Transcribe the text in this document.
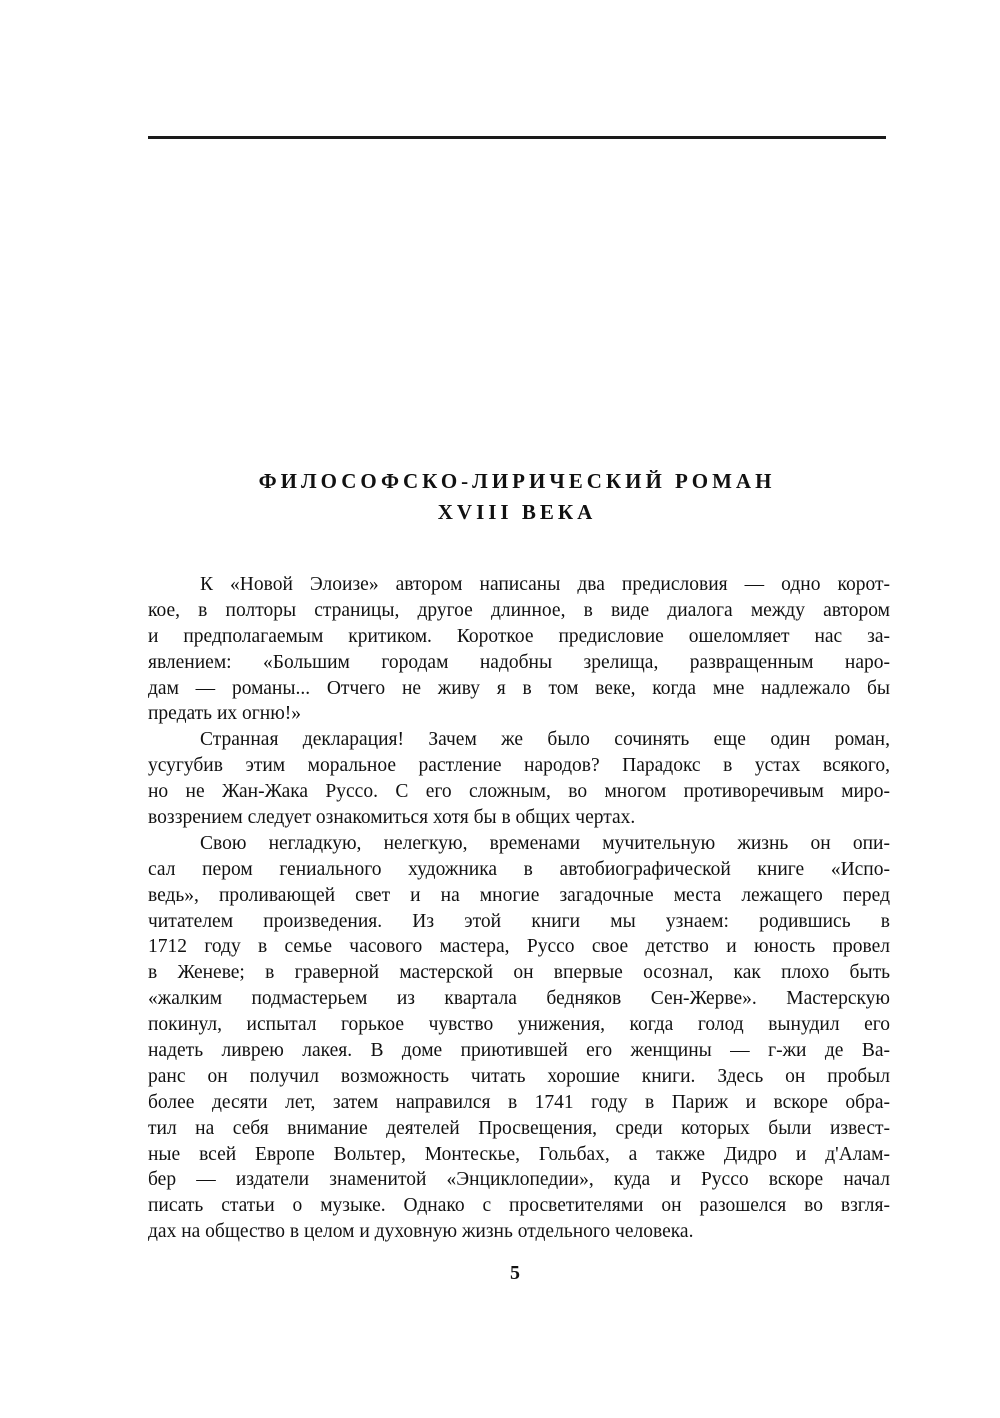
ФИЛОСОФСКО-ЛИРИЧЕСКИЙ РОМАН
XVIII ВЕКА
К «Новой Элоизе» автором написаны два предисловия — одно корот-
кое, в полторы страницы, другое длинное, в виде диалога между автором
и предполагаемым критиком. Короткое предисловие ошеломляет нас за-
явлением: «Большим городам надобны зрелища, развращенным наро-
дам — романы... Отчего не живу я в том веке, когда мне надлежало бы
предать их огню!»
Странная декларация! Зачем же было сочинять еще один роман,
усугубив этим моральное растление народов? Парадокс в устах всякого,
но не Жан-Жака Руссо. С его сложным, во многом противоречивым миро-
воззрением следует ознакомиться хотя бы в общих чертах.
Свою негладкую, нелегкую, временами мучительную жизнь он опи-
сал пером гениального художника в автобиографической книге «Испо-
ведь», проливающей свет и на многие загадочные места лежащего перед
читателем произведения. Из этой книги мы узнаем: родившись в
1712 году в семье часового мастера, Руссо свое детство и юность провел
в Женеве; в граверной мастерской он впервые осознал, как плохо быть
«жалким подмастерьем из квартала бедняков Сен-Жерве». Мастерскую
покинул, испытал горькое чувство унижения, когда голод вынудил его
надеть ливрею лакея. В доме приютившей его женщины — г-жи де Ва-
ранс он получил возможность читать хорошие книги. Здесь он пробыл
более десяти лет, затем направился в 1741 году в Париж и вскоре обра-
тил на себя внимание деятелей Просвещения, среди которых были извест-
ные всей Европе Вольтер, Монтескье, Гольбах, а также Дидро и д'Алам-
бер — издатели знаменитой «Энциклопедии», куда и Руссо вскоре начал
писать статьи о музыке. Однако с просветителями он разошелся во взгля-
дах на общество в целом и духовную жизнь отдельного человека.
5
